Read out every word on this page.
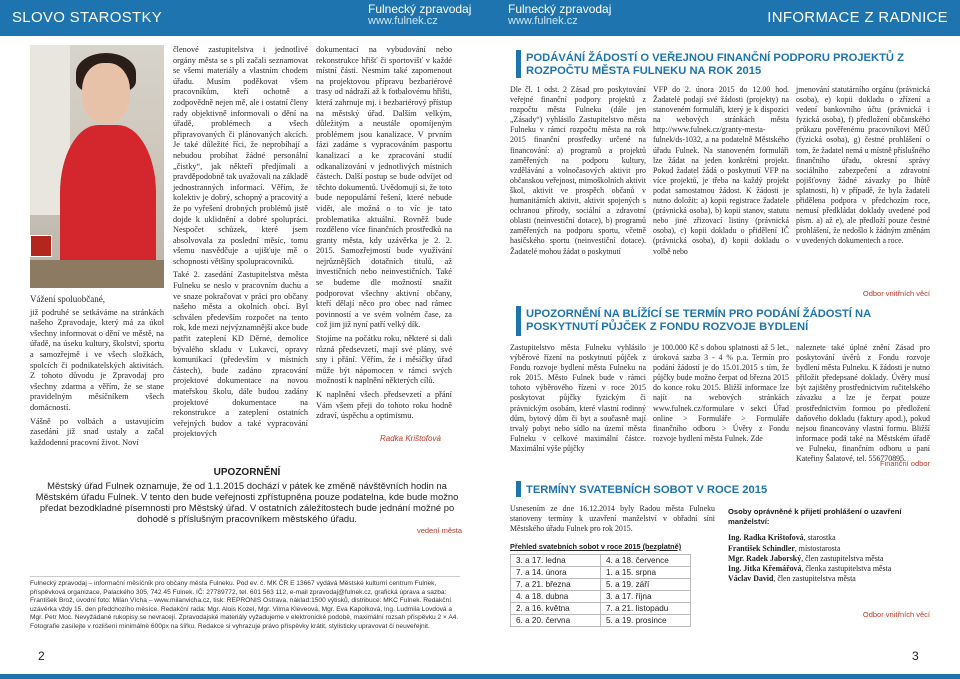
SLOVO STAROSTKY	Fulnecký zpravodaj
www.fulnek.cz
Fulnecký zpravodaj
www.fulnek.cz	INFORMACE Z RADNICE

Vážení spoluobčané,

již podruhé se setkáváme na stránkách našeho Zpravodaje, který má za úkol všechny informovat o dění ve městě, na úřadě, na úseku kultury, školství, sportu a samozřejmě i ve všech složkách, spolcích či podnikatelských aktivitách. Z tohoto důvodu je Zpravodaj pro všechny zdarma a věřím, že se stane pravidelným měsíčníkem všech domácností.

Vášně po volbách a ustavujícím zasedání již snad ustaly a začal každodenní pracovní život. Noví

členové zastupitelstva i jednotlivé orgány města se s plí začali seznamovat se všemi materiály a vlastním chodem úřadu. Musím poděkovat všem pracovníkům, kteří ochotně a zodpovědně nejen mě, ale i ostatní členy rady objektivně informovali o dění na úřadě, problémech a všech připravovaných či plánovaných akcích. Je také důležité říci, že neprobíhají a nebudou probíhat žádné personální „čistky“, jak někteří předjímali a pravděpodobně tak uvažovali na základě jednostranných informací. Věřím, že kolektiv je dobrý, schopný a pracovitý a že po vyřešení drobných problémů jistě dojde k uklidnění a dobré spolupráci. Nespočet schůzek, které jsem absolvovala za poslední měsíc, tomu všemu nasvědčuje a ujišťuje mě o schopnosti většiny spolupracovníků.

Také 2. zasedání Zastupitelstva města Fulneku se neslo v pracovním duchu a ve snaze pokračovat v práci pro občany našeho města a okolních obcí. Byl schválen především rozpočet na tento rok, kde mezi nejvýznamnější akce bude patřit zateplení KD Děrné, demolice bývalého skladu v Lukavci, opravy komunikací (především v místních částech), bude zadáno zpracování projektové dokumentace na novou mateřskou školu, dále budou zadány projektové dokumentace na rekonstrukce a zateplení ostatních veřejných budov a také vypracování projektových

dokumentací na vybudování nebo rekonstrukce hřišť či sportovišť v každé místní části. Nesmím také zapomenout na projektovou přípravu bezbariérové trasy od nádraží až k fotbalovému hřišti, která zahrnuje mj. i bezbariérový přístup na městský úřad. Dalším velkým, důležitým a neustále opomíjeným problémem jsou kanalizace. V prvním fázi zadáme s vypracováním pasportu kanalizací a ke zpracování studií odkanalizování v jednotlivých místních částech. Další postup se bude odvíjet od těchto dokumentů. Uvědomují si, že toto bude nepopulární řešení, které nebude vidět, ale možná o to víc je tato problematika aktuální. Rovněž bude rozděleno více finančních prostředků na granty města, kdy uzávěrka je 2. 2. 2015. Samozřejmostí bude využívání nejrůznějších dotačních titulů, až investičních nebo neinvestičních. Také se budeme dle možností snažit podporovat všechny aktivní občany, kteří dělají něco pro obec nad rámec povinností a ve svém volném čase, za což jim již nyní patří velký dík.

Stojíme na počátku roku, některé si dali různá předsevzetí, mají své plány, své sny i přání. Věřím, že i měsíčky úřad může být nápomocen v rámci svých možností k naplnění některých cílů.

K naplnění všech předsevzetí a přání Vám všem přeji do tohoto roku hodně zdraví, úspěchu a optimismu.

Radka Krištofová
UPOZORNĚNÍ
Městský úřad Fulnek oznamuje, že od 1.1.2015 dochází v pátek ke změně návštěvních hodin na Městském úřadu Fulnek. V tento den bude veřejnosti zpřístupněna pouze podatelna, kde bude možno předat bezodkladné písemnosti pro Městský úřad. V ostatních záležitostech bude jednání možné po dohodě s příslušným pracovníkem městského úřadu.
vedení města
Fulnecký zpravodaj – informační měsíčník pro občany města Fulneku. Pod ev. č. MK ČR E 13667 vydává Městské kulturní centrum Fulnek, příspěvková organizace, Palackého 305, 742 45 Fulnek. IČ: 27789772, tel. 601 563 112, e-mail zpravodaj@fulnek.cz, grafická úprava a sazba: František Brož, úvodní foto: Milan Vícha – www.milanvicha.cz, tisk: REPRONIS Ostrava, náklad:1500 výtisků, distribuce: MKC Fulnek. Redakční uzávěrka vždy 15. den předchozího měsíce. Redakční rada: Mgr. Alois Kozel, Mgr. Vilma Kleveová, Mgr. Eva Kapolková, Ing. Ludmila Lovdová a Mgr. Petr Moc. Nevyžádané rukopisy se nevracejí. Zpravodajské materiály vyžadujeme v elektronické podobě, maximální rozsah příspěvku 2 × A4. Fotografie zasílejte v rozlišení minimálně 600px na šířku. Redakce si vyhrazuje právo příspěvky krátit, stylisticky upravovat či neuveřejnit.
2
PODÁVÁNÍ ŽÁDOSTÍ O VEŘEJNOU FINANČNÍ PODPORU PROJEKTŮ Z ROZPOČTU MĚSTA FULNEKU NA ROK 2015
Dle čl. 1 odst. 2 Zásad pro poskytování veřejné finanční podpory projektů z rozpočtu města Fulneku (dále jen „Zásady“) vyhlásilo Zastupitelstvo města Fulneku v rámci rozpočtu města na rok 2015 finanční prostředky určené na financování: a) programů a projektů zaměřených na podporu kultury, vzdělávání a volnočasových aktivit pro občanskou veřejnost, mimoškolních aktivit škol, aktivit ve prospěch občanů v humanitárních aktivit, aktivit spojených s ochranou přírody, sociální a zdravotní oblasti (neinvestiční dotace), b) programů zaměřených na podporu sportu, včetně hasičského sportu (neinvestiční dotace). Žadatelé mohou žádat o poskytnutí
VFP do 2. února 2015 do 12.00 hod. Žadatelé podají své žádosti (projekty) na stanoveném formuláři, který je k dispozici na webových stránkách města http://www.fulnek.cz/granty-mesta-fulnek/ds-1032, a na podatelně Městského úřadu Fulnek. Na stanoveném formuláři lze žádat na jeden konkrétní projekt. Pokud žadatel žádá o poskytnutí VFP na více projektů, je třeba na každý projekt podat samostatnou žádost. K žádosti je nutno doložit: a) kopii registrace žadatele (právnická osoba), b) kopii stanov, statutu nebo jiné zřizovací listiny (právnická osoba), c) kopii dokladu o přidělení IČ (právnická osoba), d) kopii dokladu o volbě nebo
jmenování statutárního orgánu (právnická osoba), e) kopii dokladu o zřízení a vedení bankovního účtu (právnická i fyzická osoba), f) předložení občanského průkazu pověřenému pracovníkovi MěÚ (fyzická osoba), g) čestné prohlášení o tom, že žadatel nemá u místně příslušného finančního úřadu, okresní správy sociálního zabezpečení a zdravotní pojišťovny žádné závazky po lhůtě splatnosti, h) v případě, že byla žadateli přidělena podpora v předchozím roce, nemusí předkládat doklady uvedené pod písm. a) až e), ale předloží pouze čestné prohlášení, že nedošlo k žádným změnám v uvedených dokumentech a roce.
Odbor vnitřních věcí
UPOZORNĚNÍ NA BLÍŽÍCÍ SE TERMÍN PRO PODÁNÍ ŽÁDOSTÍ NA POSKYTNUTÍ PŮJČEK Z FONDU ROZVOJE BYDLENÍ
Zastupitelstvo města Fulneku vyhlásilo výběrové řízení na poskytnutí půjček z Fondu rozvoje bydlení města Fulneku na rok 2015. Město Fulnek bude v rámci tohoto výběrového řízení v roce 2015 poskytovat půjčky fyzickým či právnickým osobám, které vlastní rodinný dům, bytový dům či byt a současně mají trvalý pobyt nebo sídlo na území města Fulneku v celkové maximální částce. Maximální výše půjčky
je 100.000 Kč s dobou splatnosti až 5 let., úroková sazba 3 - 4 % p.a. Termín pro podání žádostí je do 15.01.2015 s tím, že půjčky bude možno čerpat od března 2015 do konce roku 2015. Bližší informace lze najít na webových stránkách www.fulnek.cz/formulare v sekci Úřad online > Formuláře > Formuláře finančního odboru > Úvěry z Fondu rozvoje bydlení města Fulnek. Zde
naleznete také úplné znění Zásad pro poskytování úvěrů z Fondu rozvoje bydlení města Fulneku. K žádosti je nutno přiložit předepsané doklady. Úvěry musí být zajištěny prostřednictvím ručitelského závazku a lze je čerpat pouze prostřednictvím formou po předložení daňového dokladu (faktury apod.), pokud nejsou financovány vlastní formu. Bližší informace podá také na Městském úřadě ve Fulneku, finančním odboru u paní Kateřiny Šalatové, tel. 556770895.
Finanční odbor
TERMÍNY SVATEBNÍCH SOBOT V ROCE 2015
Usnesením ze dne 16.12.2014 byly Radou města Fulneku stanoveny termíny k uzavření manželství v obřadní síni Městského úřadu Fulnek pro rok 2015.
Přehled svatebních sobot v roce 2015 (bezplatně)
3. a 17. ledna	4. a 18. července
7. a 14. února	1. a 15. srpna
7. a 21. března	5. a 19. září
4. a 18. dubna	3. a 17. října
2. a 16. května	7. a 21. listopadu
6. a 20. června	5. a 19. prosince
Osoby oprávněné k přijetí prohlášení o uzavření manželství:
Ing. Radka Krištofová, starostka
František Schindler, místostarosta
Mgr. Radek Jaborský, člen zastupitelstva města
Ing. Jitka Křemářová, členka zastupitelstva města
Václav David, člen zastupitelstva města
Odbor vnitřních věcí
3
